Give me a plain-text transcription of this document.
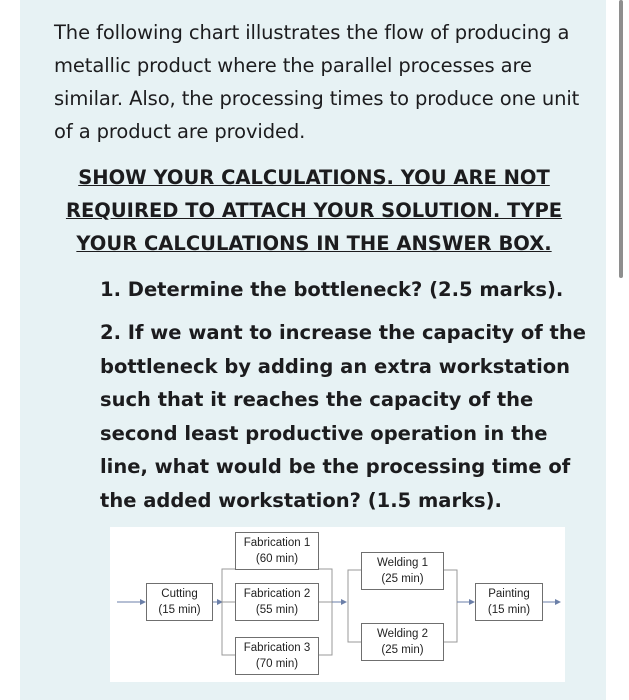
The following chart illustrates the flow of producing a metallic product where the parallel processes are similar. Also, the processing times to produce one unit of a product are provided.
SHOW YOUR CALCULATIONS. YOU ARE NOT
REQUIRED TO ATTACH YOUR SOLUTION. TYPE
YOUR CALCULATIONS IN THE ANSWER BOX.
1. Determine the bottleneck? (2.5 marks).
2. If we want to increase the capacity of the bottleneck by adding an extra workstation such that it reaches the capacity of the second least productive operation in the line, what would be the processing time of the added workstation? (1.5 marks).
Cutting
(15 min)
Fabrication 1
(60 min)
Fabrication 2
(55 min)
Fabrication 3
(70 min)
Welding 1
(25 min)
Welding 2
(25 min)
Painting
(15 min)
